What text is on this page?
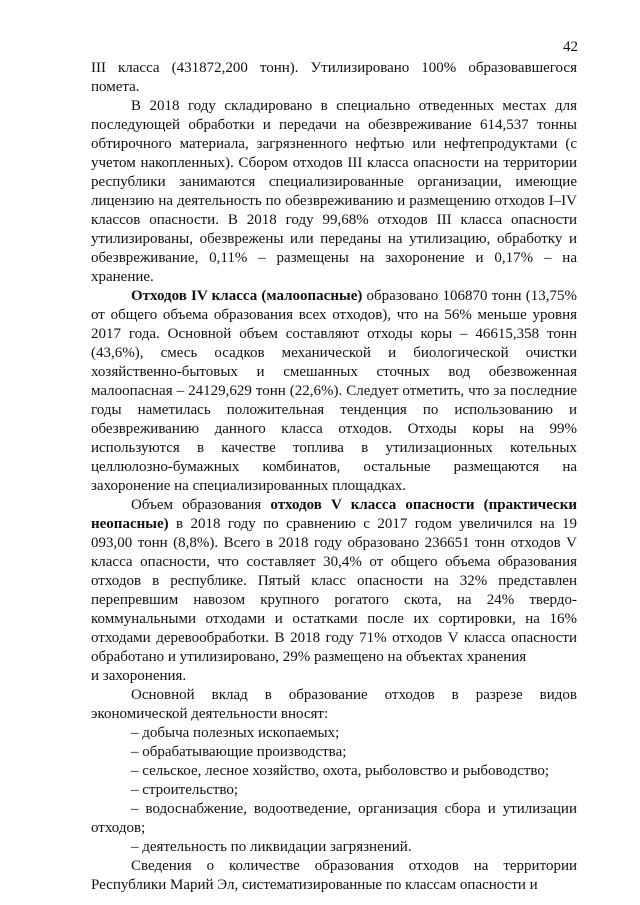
42

III класса (431872,200 тонн). Утилизировано 100% образовавшегося помета.

В 2018 году складировано в специально отведенных местах для последующей обработки и передачи на обезвреживание 614,537 тонны обтирочного материала, загрязненного нефтью или нефтепродуктами (с учетом накопленных). Сбором отходов III класса опасности на территории республики занимаются специализированные организации, имеющие лицензию на деятельность по обезвреживанию и размещению отходов I–IV классов опасности. В 2018 году 99,68% отходов III класса опасности утилизированы, обезврежены или переданы на утилизацию, обработку и обезвреживание, 0,11% – размещены на захоронение и 0,17% – на хранение.

Отходов IV класса (малоопасные) образовано 106870 тонн (13,75% от общего объема образования всех отходов), что на 56% меньше уровня 2017 года. Основной объем составляют отходы коры – 46615,358 тонн (43,6%), смесь осадков механической и биологической очистки хозяйственно-бытовых и смешанных сточных вод обезвоженная малоопасная – 24129,629 тонн (22,6%). Следует отметить, что за последние годы наметилась положительная тенденция по использованию и обезвреживанию данного класса отходов. Отходы коры на 99% используются в качестве топлива в утилизационных котельных целлюлозно-бумажных комбинатов, остальные размещаются на захоронение на специализированных площадках.

Объем образования отходов V класса опасности (практически неопасные) в 2018 году по сравнению с 2017 годом увеличился на 19 093,00 тонн (8,8%). Всего в 2018 году образовано 236651 тонн отходов V класса опасности, что составляет 30,4% от общего объема образования отходов в республике. Пятый класс опасности на 32% представлен перепревшим навозом крупного рогатого скота, на 24% твердо-коммунальными отходами и остатками после их сортировки, на 16% отходами деревообработки. В 2018 году 71% отходов V класса опасности обработано и утилизировано, 29% размещено на объектах хранения

и захоронения.

Основной вклад в образование отходов в разрезе видов экономической деятельности вносят:

– добыча полезных ископаемых;
– обрабатывающие производства;
– сельское, лесное хозяйство, охота, рыболовство и рыбоводство;
– строительство;
– водоснабжение, водоотведение, организация сбора и утилизации отходов;
– деятельность по ликвидации загрязнений.

Сведения о количестве образования отходов на территории Республики Марий Эл, систематизированные по классам опасности и
